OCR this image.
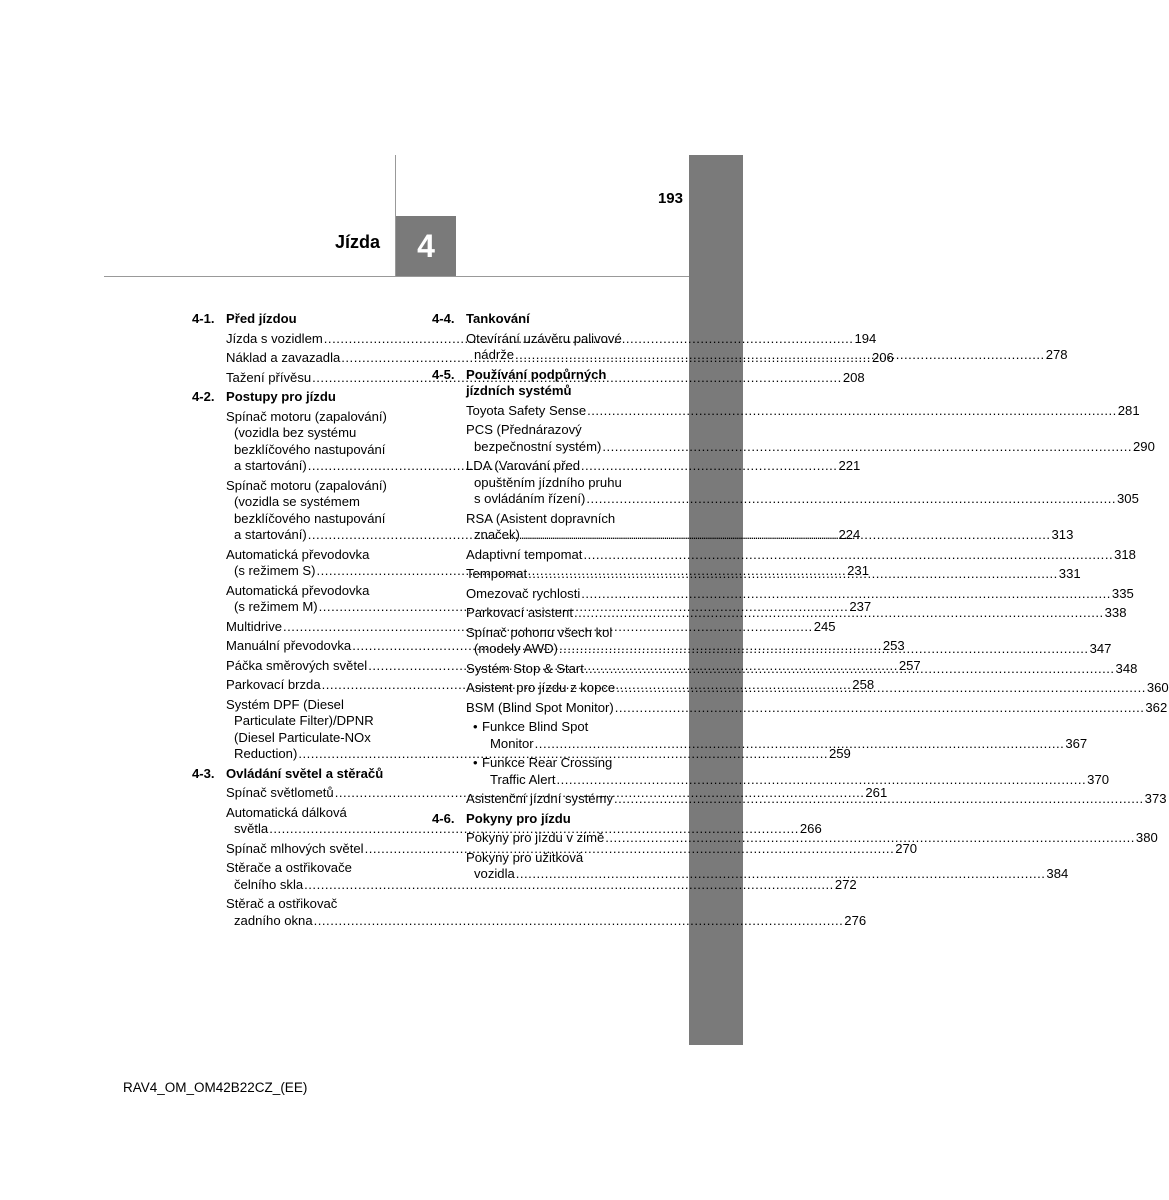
193
Jízda 4
4-1. Před jízdou
Jízda s vozidlem .....	194
Náklad a zavazadla .....	206
Tažení přívěsu .....	208
4-2. Postupy pro jízdu
Spínač motoru (zapalování)
(vozidla bez systému
bezklíčového nastupování
a startování) .....	221
Spínač motoru (zapalování)
(vozidla se systémem
bezklíčového nastupování
a startování) .....	224
Automatická převodovka
(s režimem S) .....	231
Automatická převodovka
(s režimem M) .....	237
Multidrive .....	245
Manuální převodovka .....	253
Páčka směrových světel .....	257
Parkovací brzda .....	258
Systém DPF (Diesel
Particulate Filter)/DPNR
(Diesel Particulate-NOx
Reduction) .....	259
4-3. Ovládání světel a stěračů
Spínač světlometů .....	261
Automatická dálková
světla .....	266
Spínač mlhových světel .....	270
Stěrače a ostřikovače
čelního skla .....	272
Stěrač a ostřikovač
zadního okna .....	276
4-4. Tankování
Otevírání uzávěru palivové
nádrže .....	278
4-5. Používání podpůrných
jízdních systémů
Toyota Safety Sense .....	281
PCS (Přednárazový
bezpečnostní systém) .....	290
LDA (Varování před
opuštěním jízdního pruhu
s ovládáním řízení) .....	305
RSA (Asistent dopravních
značek) .....	313
Adaptivní tempomat .....	318
Tempomat .....	331
Omezovač rychlosti .....	335
Parkovací asistent .....	338
Spínač pohonu všech kol
(modely AWD) .....	347
Systém Stop & Start .....	348
Asistent pro jízdu z kopce .....	360
BSM (Blind Spot Monitor) .....	362
• Funkce Blind Spot
Monitor .....	367
• Funkce Rear Crossing
Traffic Alert .....	370
Asistenční jízdní systémy .....	373
4-6. Pokyny pro jízdu
Pokyny pro jízdu v zimě .....	380
Pokyny pro užitková
vozidla .....	384
RAV4_OM_OM42B22CZ_(EE)
